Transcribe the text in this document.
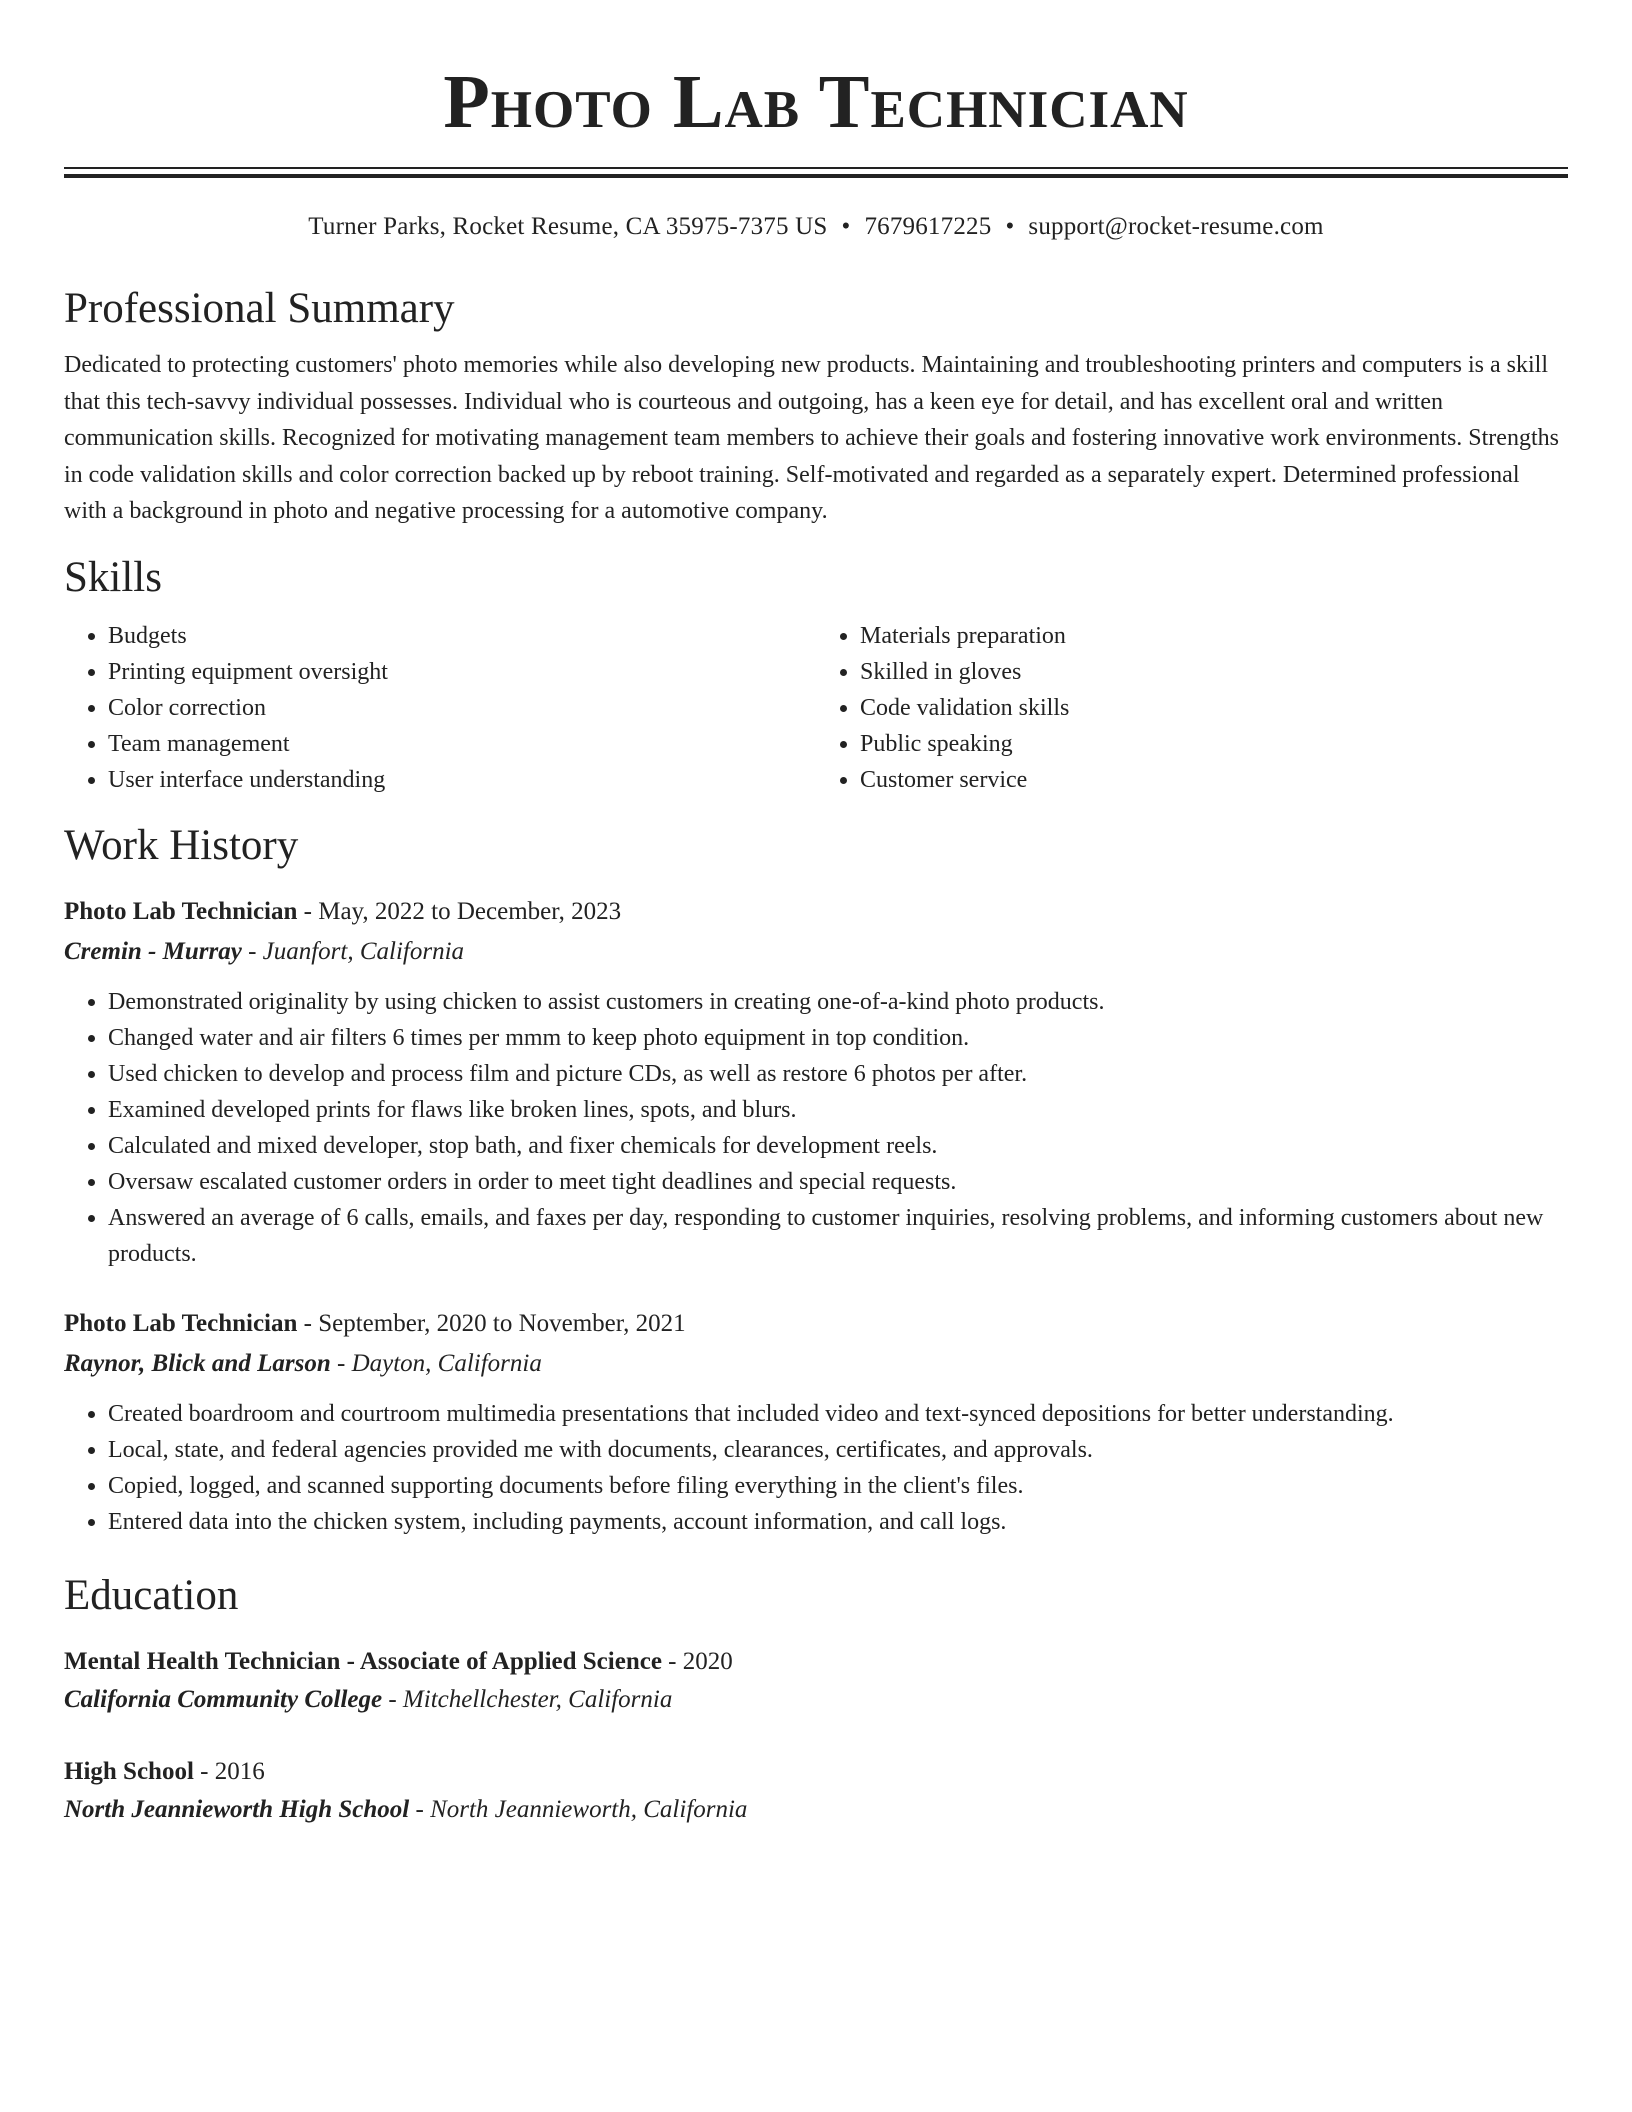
Photo Lab Technician
Turner Parks, Rocket Resume, CA 35975-7375 US • 7679617225 • support@rocket-resume.com
Professional Summary

Dedicated to protecting customers' photo memories while also developing new products. Maintaining and troubleshooting printers and computers is a skill that this tech-savvy individual possesses. Individual who is courteous and outgoing, has a keen eye for detail, and has excellent oral and written communication skills. Recognized for motivating management team members to achieve their goals and fostering innovative work environments. Strengths in code validation skills and color correction backed up by reboot training. Self-motivated and regarded as a separately expert. Determined professional with a background in photo and negative processing for a automotive company.

Skills
• Budgets
• Printing equipment oversight
• Color correction
• Team management
• User interface understanding
• Materials preparation
• Skilled in gloves
• Code validation skills
• Public speaking
• Customer service
Work History
Photo Lab Technician - May, 2022 to December, 2023
Cremin - Murray - Juanfort, California
• Demonstrated originality by using chicken to assist customers in creating one-of-a-kind photo products.
• Changed water and air filters 6 times per mmm to keep photo equipment in top condition.
• Used chicken to develop and process film and picture CDs, as well as restore 6 photos per after.
• Examined developed prints for flaws like broken lines, spots, and blurs.
• Calculated and mixed developer, stop bath, and fixer chemicals for development reels.
• Oversaw escalated customer orders in order to meet tight deadlines and special requests.
• Answered an average of 6 calls, emails, and faxes per day, responding to customer inquiries, resolving problems, and informing customers about new products.
Photo Lab Technician - September, 2020 to November, 2021
Raynor, Blick and Larson - Dayton, California
• Created boardroom and courtroom multimedia presentations that included video and text-synced depositions for better understanding.
• Local, state, and federal agencies provided me with documents, clearances, certificates, and approvals.
• Copied, logged, and scanned supporting documents before filing everything in the client's files.
• Entered data into the chicken system, including payments, account information, and call logs.
Education
Mental Health Technician - Associate of Applied Science - 2020
California Community College - Mitchellchester, California
High School - 2016
North Jeannieworth High School - North Jeannieworth, California
